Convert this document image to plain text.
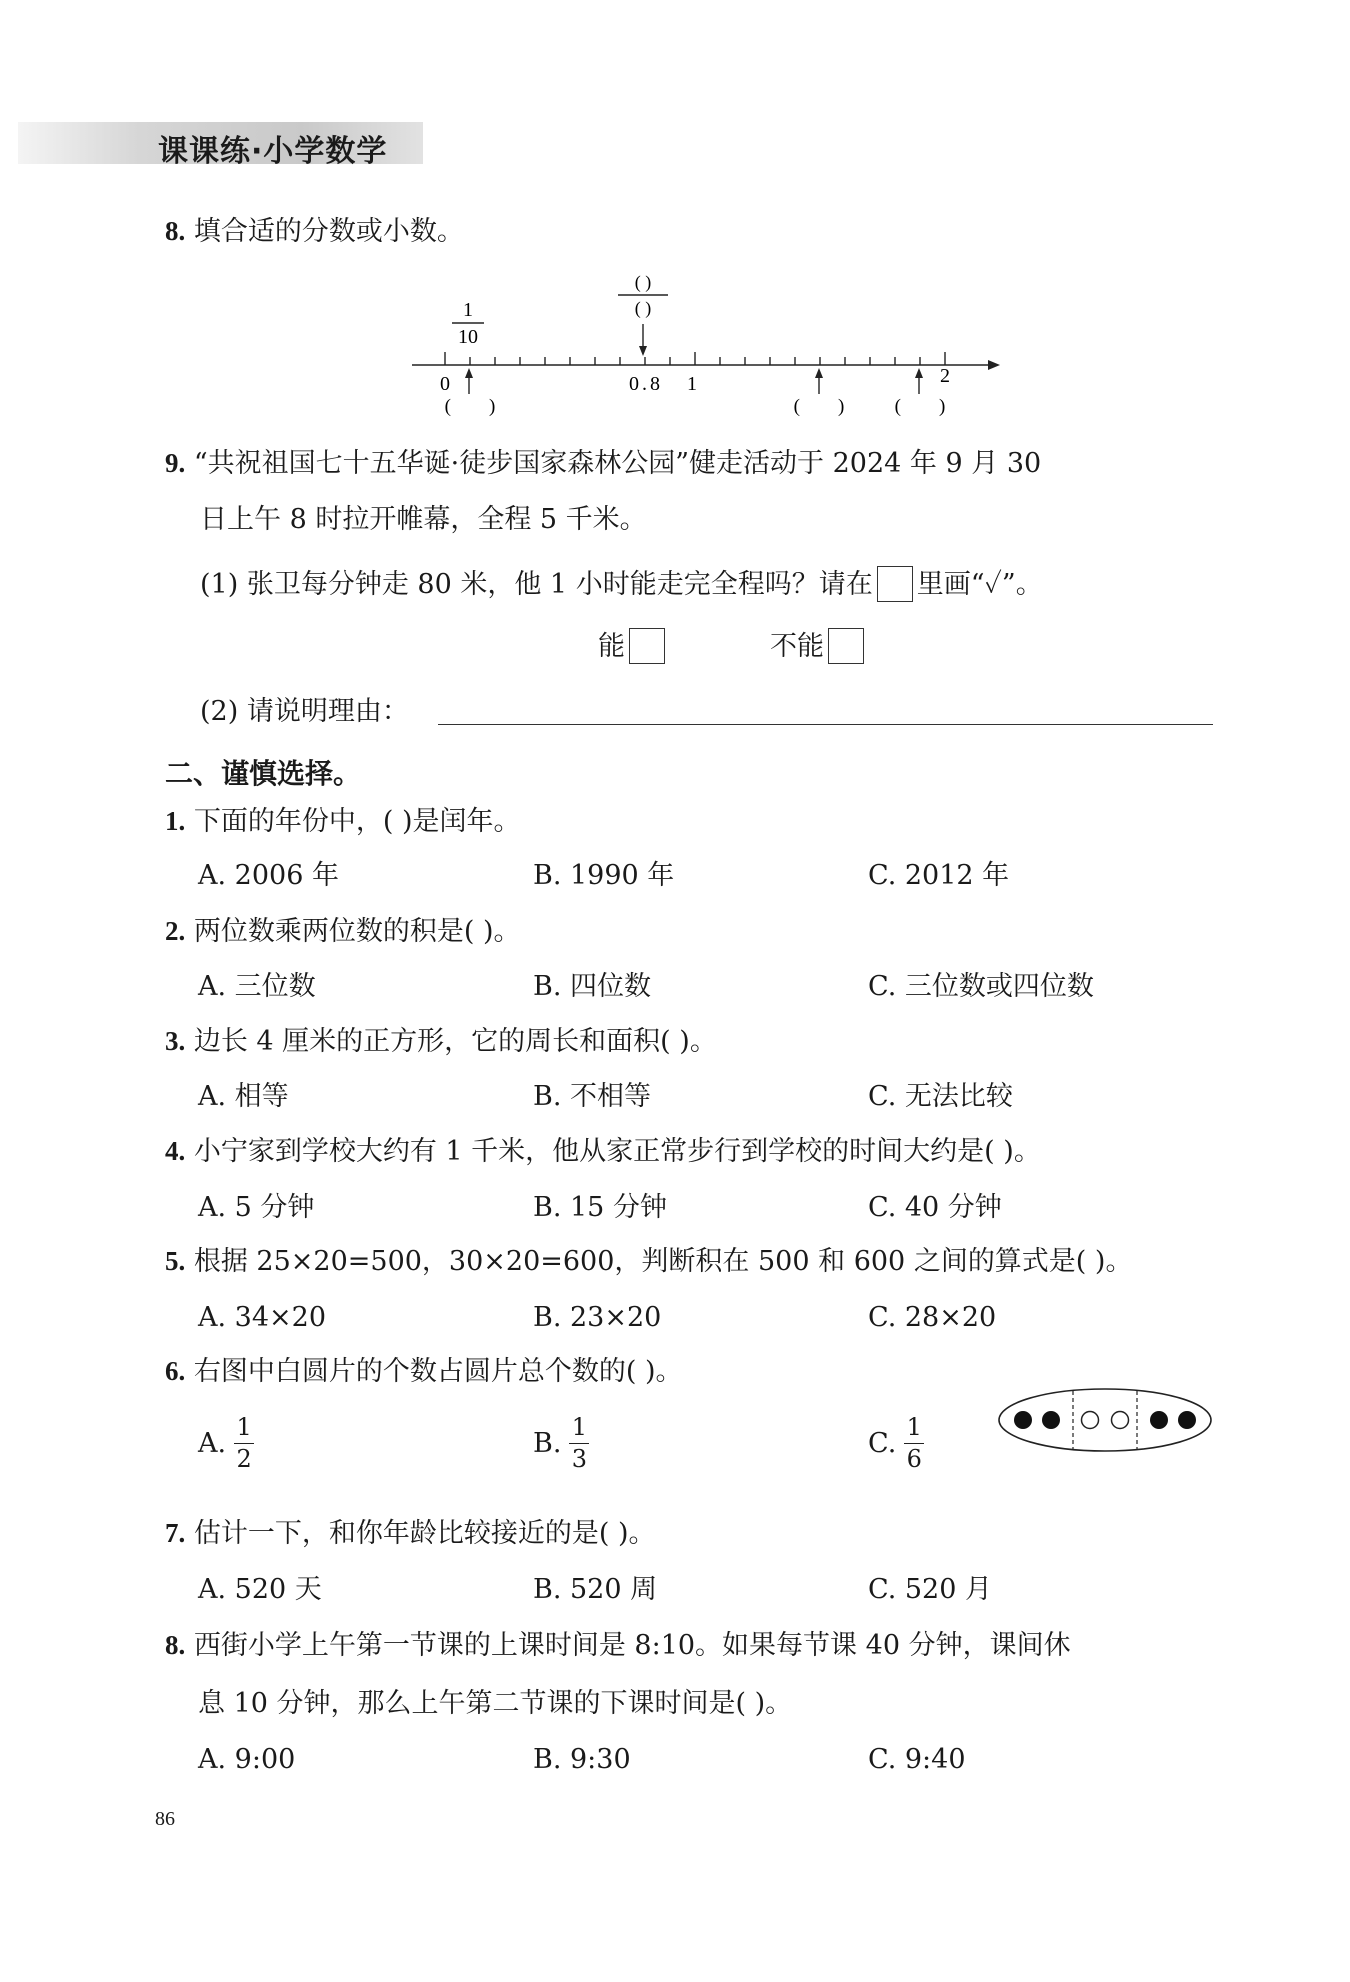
课课练·小学数学
8. 填合适的分数或小数。
1
10
( )
( )
0	0.8 1	2
(        )	(        )	(        )
9. “共祝祖国七十五华诞·徒步国家森林公园”健走活动于 2024 年 9 月 30
日上午 8 时拉开帷幕，全程 5 千米。
(1) 张卫每分钟走 80 米，他 1 小时能走完全程吗？请在 里画“✓”。
能	不能
(2) 请说明理由：
二、谨慎选择。
1. 下面的年份中，( )是闰年。
A. 2006 年	B. 1990 年	C. 2012 年
2. 两位数乘两位数的积是( )。
A. 三位数	B. 四位数	C. 三位数或四位数
3. 边长 4 厘米的正方形，它的周长和面积( )。
A. 相等	B. 不相等	C. 无法比较
4. 小宁家到学校大约有 1 千米，他从家正常步行到学校的时间大约是( )。
A. 5 分钟	B. 15 分钟	C. 40 分钟
5. 根据 25×20=500，30×20=600，判断积在 500 和 600 之间的算式是( )。
A. 34×20	B. 23×20	C. 28×20
6. 右图中白圆片的个数占圆片总个数的( )。
A. $\frac{1}{2}$	B. $\frac{1}{3}$	C. $\frac{1}{6}$
7. 估计一下，和你年龄比较接近的是( )。
A. 520 天	B. 520 周	C. 520 月
8. 西街小学上午第一节课的上课时间是 8:10。如果每节课 40 分钟，课间休
息 10 分钟，那么上午第二节课的下课时间是( )。
A. 9:00	B. 9:30	C. 9:40
86
